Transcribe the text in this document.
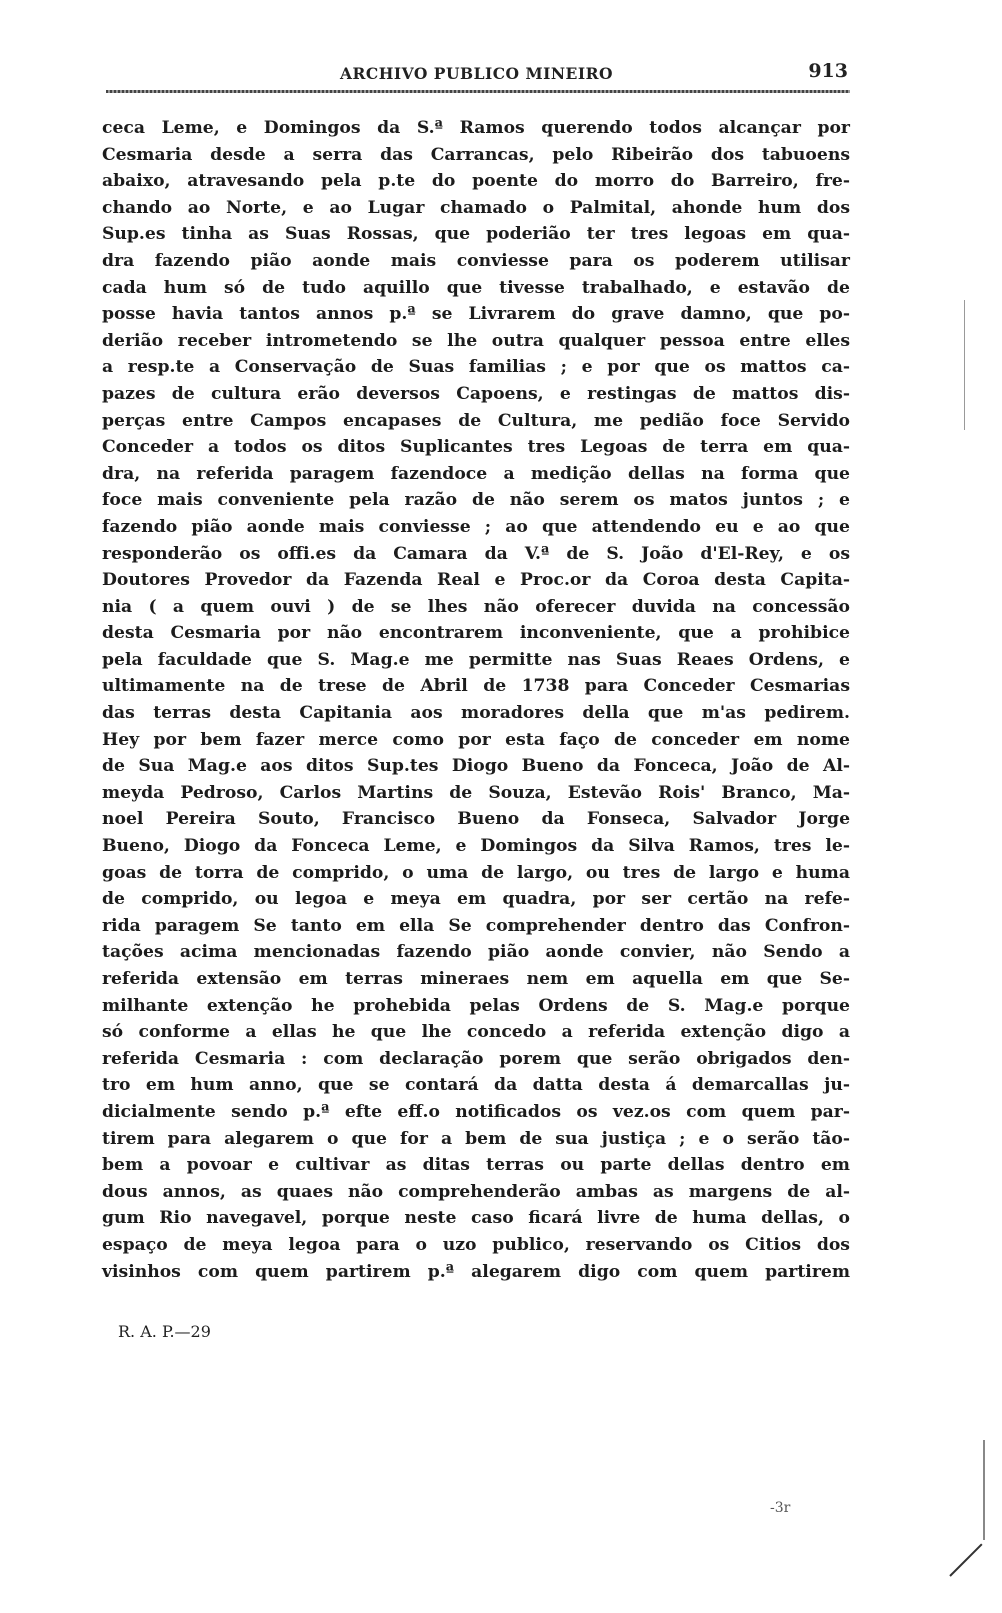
ARCHIVO PUBLICO MINEIRO	913
ceca Leme, e Domingos da S.ª Ramos querendo todos alcançar por
Cesmaria desde a serra das Carrancas, pelo Ribeirão dos tabuoens
abaixo, atravesando pela p.te do poente do morro do Barreiro, fre-
chando ao Norte, e ao Lugar chamado o Palmital, ahonde hum dos
Sup.es tinha as Suas Rossas, que poderião ter tres legoas em qua-
dra fazendo pião aonde mais conviesse para os poderem utilisar
cada hum só de tudo aquillo que tivesse trabalhado, e estavão de
posse havia tantos annos p.ª se Livrarem do grave damno, que po-
derião receber intrometendo se lhe outra qualquer pessoa entre elles
a resp.te a Conservação de Suas familias ; e por que os mattos ca-
pazes de cultura erão deversos Capoens, e restingas de mattos dis-
perças entre Campos encapases de Cultura, me pedião foce Servido
Conceder a todos os ditos Suplicantes tres Legoas de terra em qua-
dra, na referida paragem fazendoce a medição dellas na forma que
foce mais conveniente pela razão de não serem os matos juntos ; e
fazendo pião aonde mais conviesse ; ao que attendendo eu e ao que
responderão os offi.es da Camara da V.ª de S. João d'El-Rey, e os
Doutores Provedor da Fazenda Real e Proc.or da Coroa desta Capita-
nia ( a quem ouvi ) de se lhes não oferecer duvida na concessão
desta Cesmaria por não encontrarem inconveniente, que a prohibice
pela faculdade que S. Mag.e me permitte nas Suas Reaes Ordens, e
ultimamente na de trese de Abril de 1738 para Conceder Cesmarias
das terras desta Capitania aos moradores della que m'as pedirem.
Hey por bem fazer merce como por esta faço de conceder em nome
de Sua Mag.e aos ditos Sup.tes Diogo Bueno da Fonceca, João de Al-
meyda Pedroso, Carlos Martins de Souza, Estevão Rois' Branco, Ma-
noel Pereira Souto, Francisco Bueno da Fonseca, Salvador Jorge
Bueno, Diogo da Fonceca Leme, e Domingos da Silva Ramos, tres le-
goas de torra de comprido, o uma de largo, ou tres de largo e huma
de comprido, ou legoa e meya em quadra, por ser certão na refe-
rida paragem Se tanto em ella Se comprehender dentro das Confron-
tações acima mencionadas fazendo pião aonde convier, não Sendo a
referida extensão em terras mineraes nem em aquella em que Se-
milhante extenção he prohebida pelas Ordens de S. Mag.e porque
só conforme a ellas he que lhe concedo a referida extenção digo a
referida Cesmaria : com declaração porem que serão obrigados den-
tro em hum anno, que se contará da datta desta á demarcallas ju-
dicialmente sendo p.ª efte eff.o notificados os vez.os com quem par-
tirem para alegarem o que for a bem de sua justiça ; e o serão tão-
bem a povoar e cultivar as ditas terras ou parte dellas dentro em
dous annos, as quaes não comprehenderão ambas as margens de al-
gum Rio navegavel, porque neste caso ficará livre de huma dellas, o
espaço de meya legoa para o uzo publico, reservando os Citios dos
visinhos com quem partirem p.ª alegarem digo com quem partirem
R. A. P.—29
-3r
